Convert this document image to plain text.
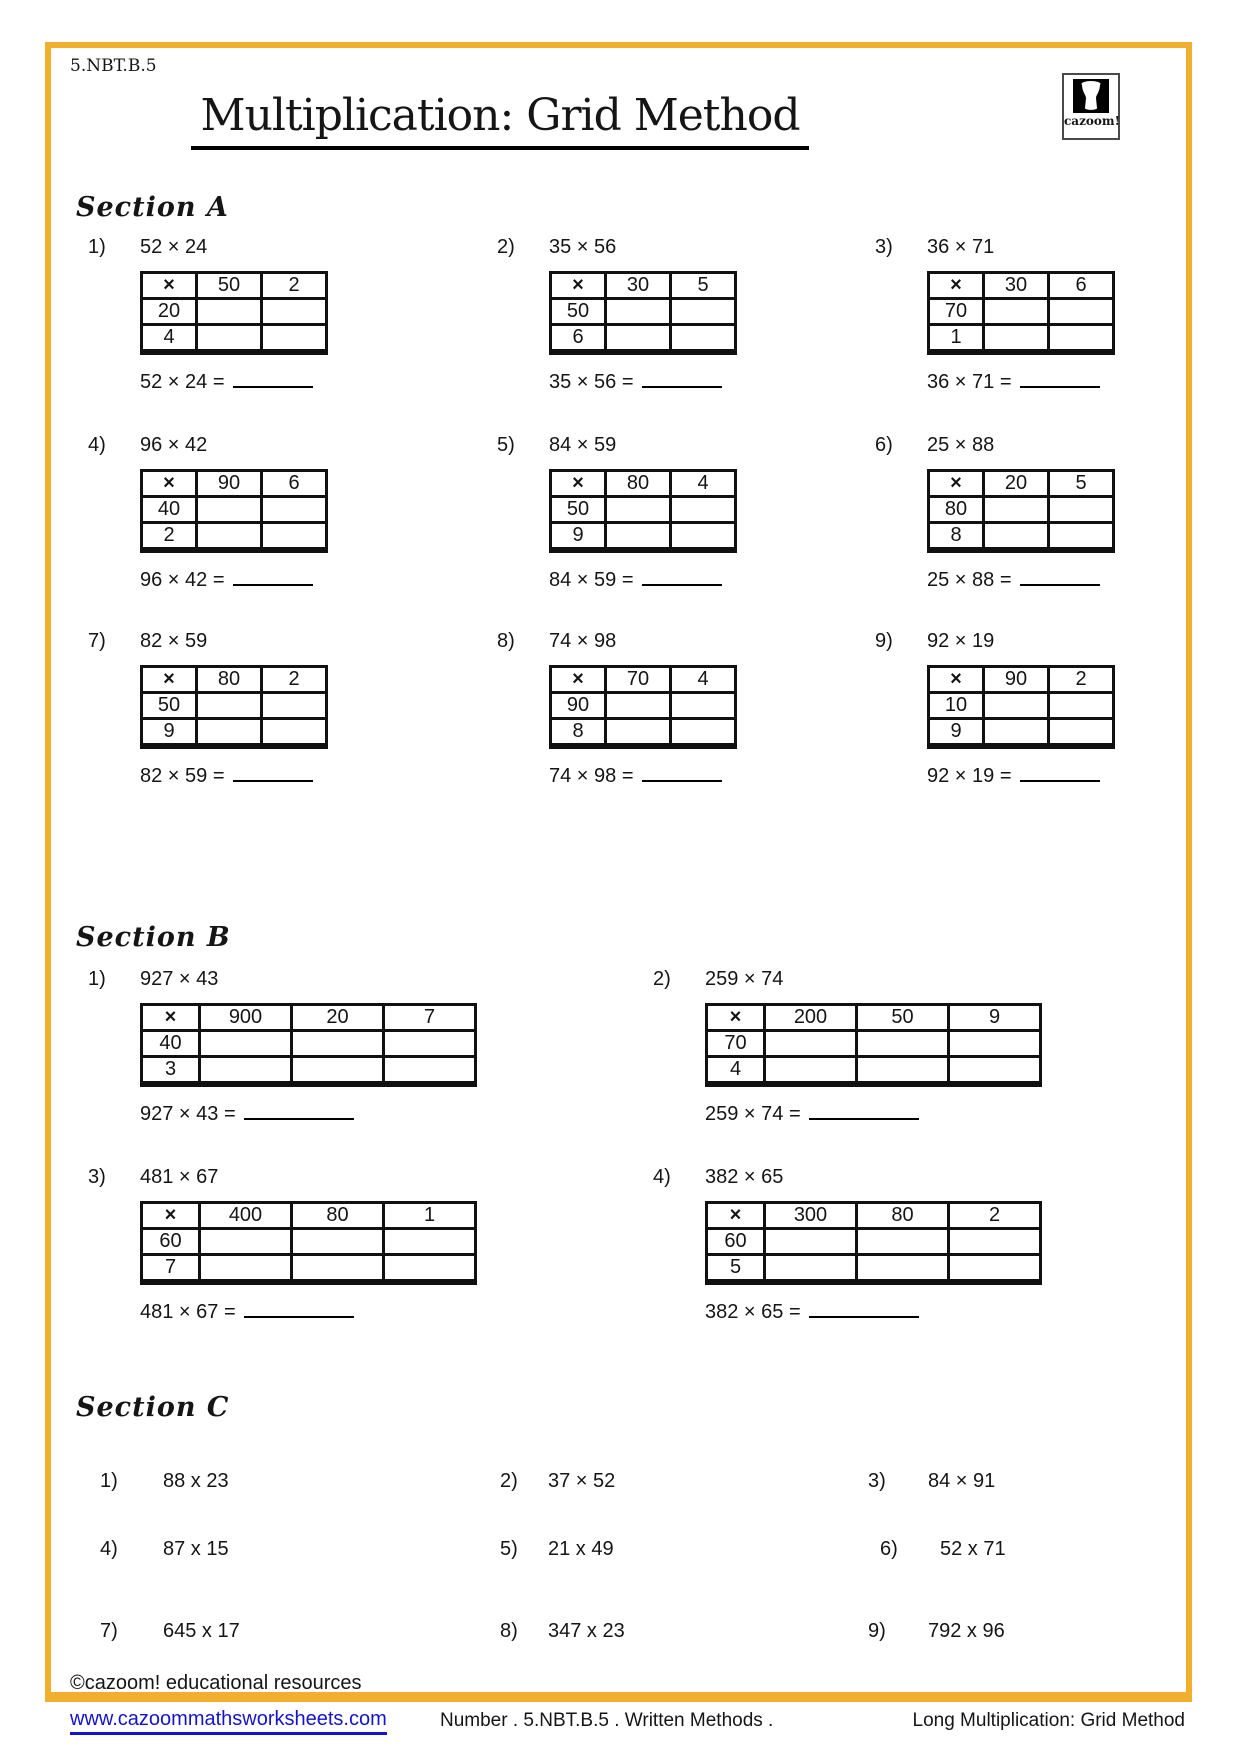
5.NBT.B.5
Multiplication: Grid Method	cazoom!
Section A
1)	52 × 24
×	50	2
20		
4		
52 × 24 =
2)	35 × 56
×	30	5
50		
6		
35 × 56 =
3)	36 × 71
×	30	6
70		
1		
36 × 71 =
4)	96 × 42
×	90	6
40		
2		
96 × 42 =
5)	84 × 59
×	80	4
50		
9		
84 × 59 =
6)	25 × 88
×	20	5
80		
8		
25 × 88 =
7)	82 × 59
×	80	2
50		
9		
82 × 59 =
8)	74 × 98
×	70	4
90		
8		
74 × 98 =
9)	92 × 19
×	90	2
10		
9		
92 × 19 =
Section B
1)	927 × 43
×	900	20	7
40			
3			
927 × 43 =
2)	259 × 74
×	200	50	9
70			
4			
259 × 74 =
3)	481 × 67
×	400	80	1
60			
7			
481 × 67 =
4)	382 × 65
×	300	80	2
60			
5			
382 × 65 =
Section C
1)	88 x 23	2)	37 × 52	3)	84 × 91
4)	87 x 15	5)	21 x 49	6)	52 x 71
7)	645 x 17	8)	347 x 23	9)	792 x 96
©cazoom! educational resources
www.cazoommathsworksheets.com	Number . 5.NBT.B.5 . Written Methods .	Long Multiplication: Grid Method
